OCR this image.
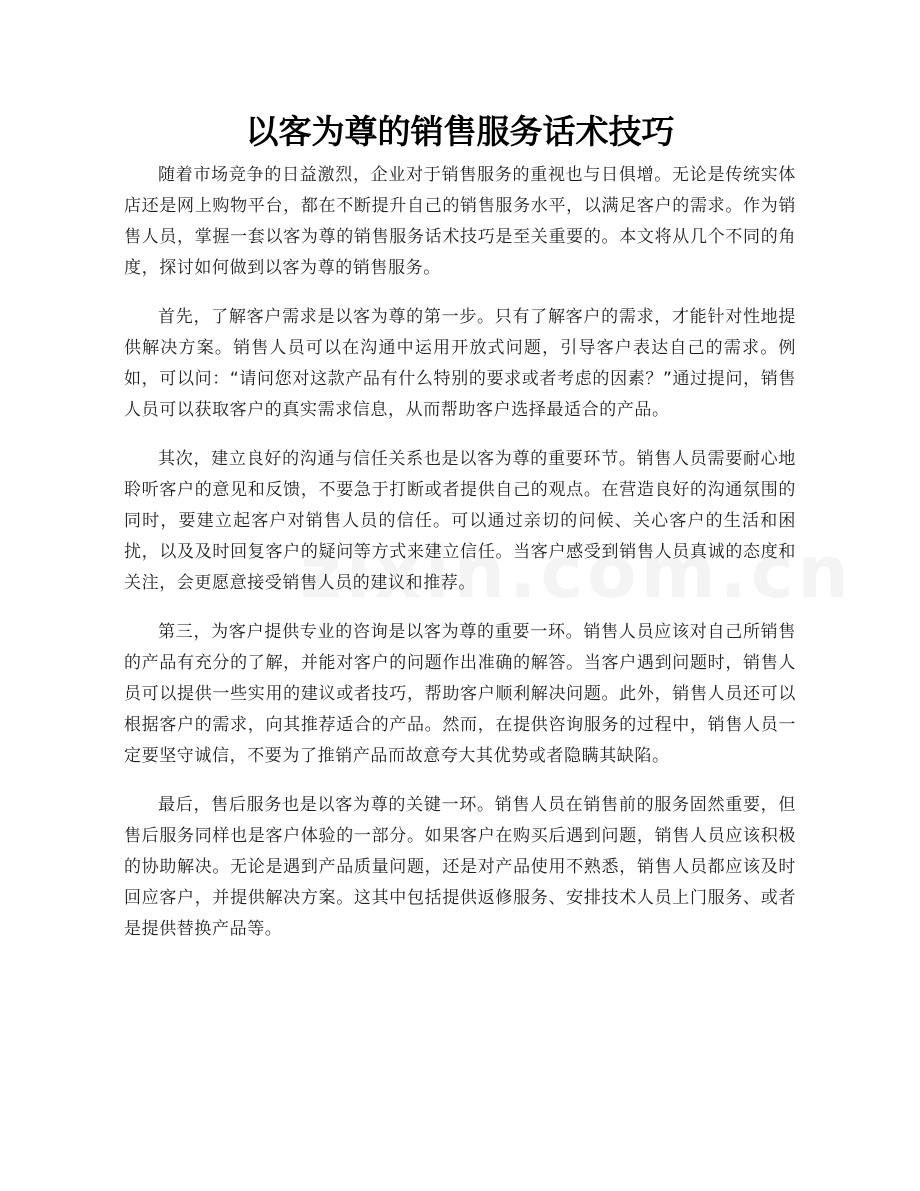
以客为尊的销售服务话术技巧

随着市场竞争的日益激烈，企业对于销售服务的重视也与日俱增。无论是传统实体店还是网上购物平台，都在不断提升自己的销售服务水平，以满足客户的需求。作为销售人员，掌握一套以客为尊的销售服务话术技巧是至关重要的。本文将从几个不同的角度，探讨如何做到以客为尊的销售服务。

首先，了解客户需求是以客为尊的第一步。只有了解客户的需求，才能针对性地提供解决方案。销售人员可以在沟通中运用开放式问题，引导客户表达自己的需求。例如，可以问：“请问您对这款产品有什么特别的要求或者考虑的因素？”通过提问，销售人员可以获取客户的真实需求信息，从而帮助客户选择最适合的产品。

其次，建立良好的沟通与信任关系也是以客为尊的重要环节。销售人员需要耐心地聆听客户的意见和反馈，不要急于打断或者提供自己的观点。在营造良好的沟通氛围的同时，要建立起客户对销售人员的信任。可以通过亲切的问候、关心客户的生活和困扰，以及及时回复客户的疑问等方式来建立信任。当客户感受到销售人员真诚的态度和关注，会更愿意接受销售人员的建议和推荐。

第三，为客户提供专业的咨询是以客为尊的重要一环。销售人员应该对自己所销售的产品有充分的了解，并能对客户的问题作出准确的解答。当客户遇到问题时，销售人员可以提供一些实用的建议或者技巧，帮助客户顺利解决问题。此外，销售人员还可以根据客户的需求，向其推荐适合的产品。然而，在提供咨询服务的过程中，销售人员一定要坚守诚信，不要为了推销产品而故意夸大其优势或者隐瞒其缺陷。

最后，售后服务也是以客为尊的关键一环。销售人员在销售前的服务固然重要，但售后服务同样也是客户体验的一部分。如果客户在购买后遇到问题，销售人员应该积极的协助解决。无论是遇到产品质量问题，还是对产品使用不熟悉，销售人员都应该及时回应客户，并提供解决方案。这其中包括提供返修服务、安排技术人员上门服务、或者是提供替换产品等。
